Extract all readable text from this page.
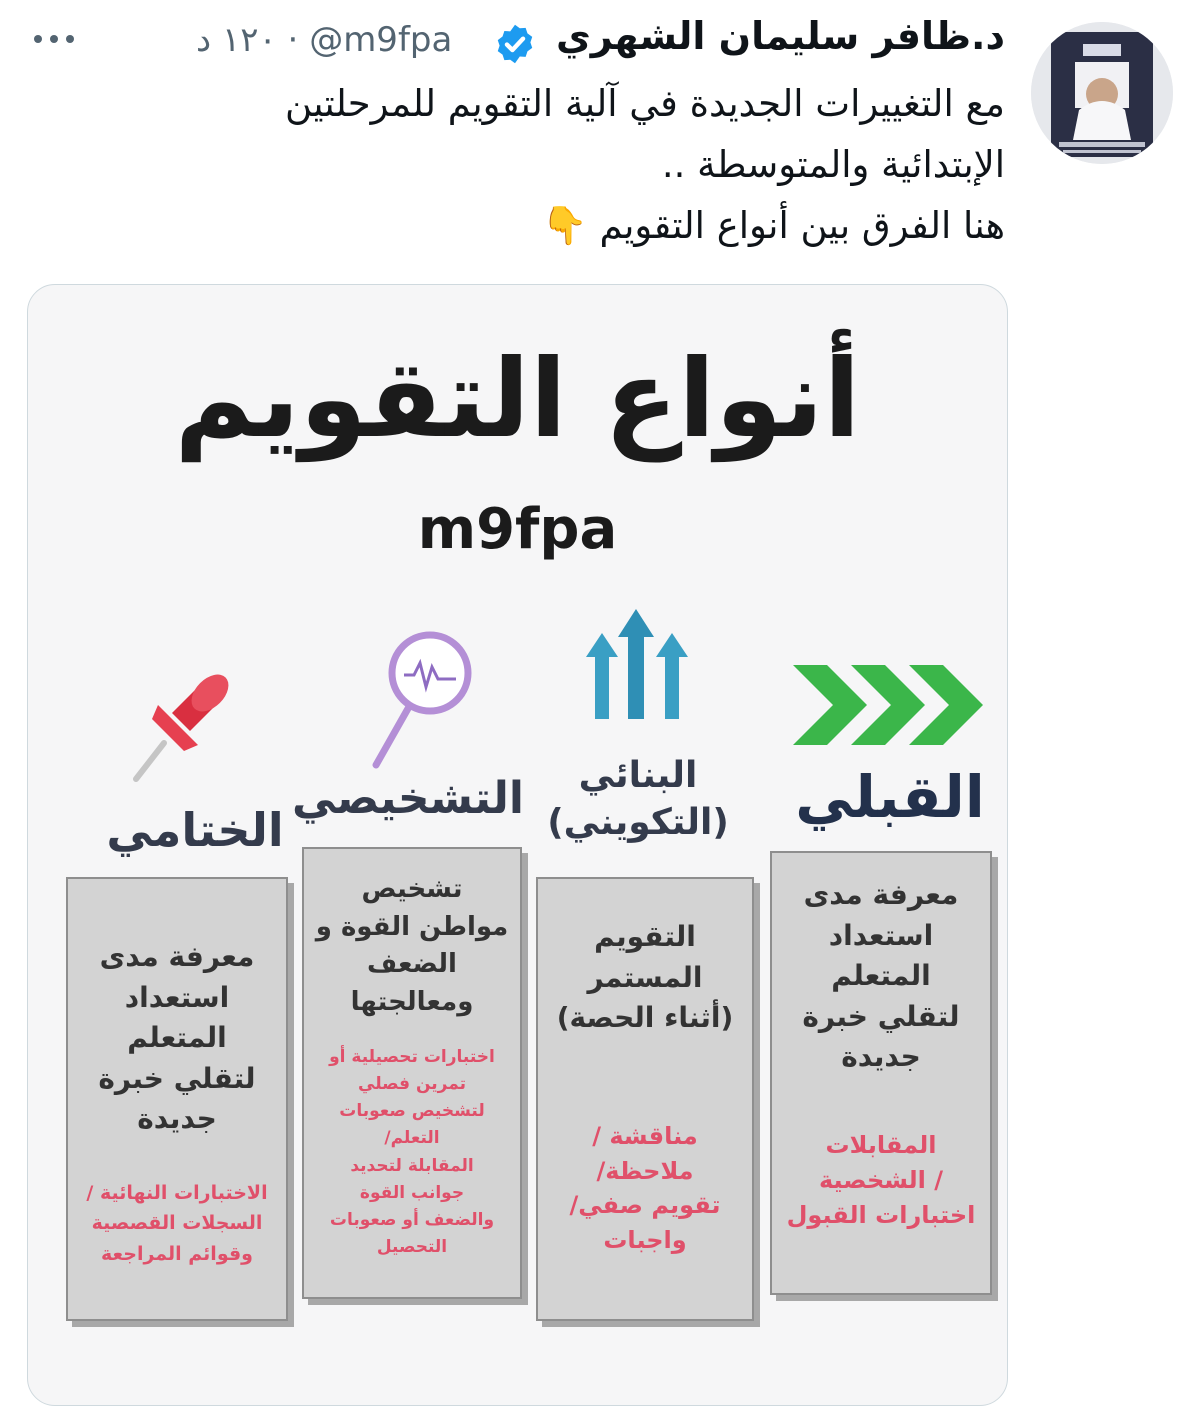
د.ظافر سليمان الشهري
١٢٠ د · @m9fpa
مع التغييرات الجديدة في آلية التقويم للمرحلتين
الإبتدائية والمتوسطة ..
هنا الفرق بين أنواع التقويم 👇
أنواع التقويم
m9fpa
القبلي
البنائي
(التكويني)
التشخيصي
الختامي
معرفة مدى
استعداد
المتعلم
لتقلي خبرة
جديدة
المقابلات
/ الشخصية
اختبارات القبول
التقويم
المستمر
(أثناء الحصة)
مناقشة /
ملاحظة/
تقويم صفي/
واجبات
تشخيص
مواطن القوة و
الضعف
ومعالجتها
اختبارات تحصيلية أو
تمرين فصلي
لتشخيص صعوبات
التعلم/
المقابلة لتحديد
جوانب القوة
والضعف أو صعوبات
التحصيل
معرفة مدى
استعداد
المتعلم
لتقلي خبرة
جديدة
الاختبارات النهائية /
السجلات القصصية
وقوائم المراجعة
